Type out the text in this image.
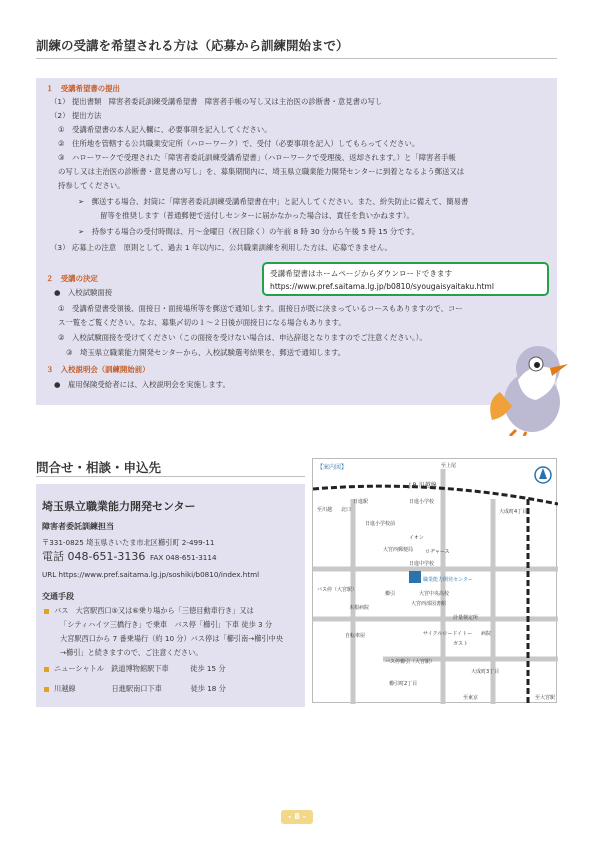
訓練の受講を希望される方は（応募から訓練開始まで）
１　受講希望書の提出
（1） 提出書類　障害者委託訓練受講希望書　障害者手帳の写し又は主治医の診断書・意見書の写し
（2） 提出方法
①　受講希望書の本人記入欄に、必要事項を記入してください。
②　住所地を管轄する公共職業安定所（ハローワーク）で、受付（必要事項を記入）してもらってください。
③　ハローワークで受理された「障害者委託訓練受講希望書」（ハローワークで受理後、返却されます。）と「障害者手帳
の写し又は主治医の診断書・意見書の写し」を、募集期間内に、埼玉県立職業能力開発センターに到着となるよう郵送又は
持参してください。
➢　郵送する場合、封筒に「障害者委託訓練受講希望書在中」と記入してください。また、紛失防止に備えて、簡易書
留等を推奨します（普通郵便で送付しセンターに届かなかった場合は、責任を負いかねます）。
➢　持参する場合の受付時間は、月～金曜日（祝日除く）の午前 8 時 30 分から午後 5 時 15 分です。
（3） 応募上の注意　原則として、過去 1 年以内に、公共職業訓練を利用した方は、応募できません。
２　受講の決定
●　入校試験面接
①　受講希望書受領後、面接日・面接場所等を郵送で通知します。面接日が既に決まっているコースもありますので、コー
ス一覧をご覧ください。なお、募集〆切の１～２日後が面接日になる場合もあります。
②　入校試験面接を受けてください（この面接を受けない場合は、申込辞退となりますのでご注意ください。）。
③　埼玉県立職業能力開発センターから、入校試験選考結果を、郵送で通知します。
３　入校説明会（訓練開始前）
●　雇用保険受給者には、入校説明会を実施します。
受講希望書はホームページからダウンロードできます
https://www.pref.saitama.lg.jp/b0810/syougaisyaitaku.html
問合せ・相談・申込先
埼玉県立職業能力開発センター
障害者委託訓練担当
〒331-0825 埼玉県さいたま市北区櫛引町 2-499-11
電話 048-651-3136 FAX 048-651-3114
URL https://www.pref.saitama.lg.jp/soshiki/b0810/index.html
交通手段
バス　大宮駅西口⑤又は⑥乗り場から「三徳目動車行き」又は
「シティハイツ三橋行き」で乗車　バス停「櫛引」下車 徒歩 3 分
大宮駅西口から 7 番乗場行（約 10 分）バス停は「櫛引南→櫛引中央
→櫛引」と続きますので、ご注意ください。
ニューシャトル　鉄道博物館駅下車　　　徒歩 15 分
川越線　　　　　日進駅南口下車　　　　徒歩 18 分
【案内図】
J R 川越線
日進駅
北口
至川越
日進小学校
日進小学校前
大成町4丁目
イオン
大宮西郵便局 ロヂャース
日進中学校
職業能力開発センター
櫛引	大宮中央高校
大宮西部図書館
バス停（大宮駅）
木根病院
自転車屋	サイクルロードイトー
ガスト
バス停櫛引（大宮駅）
櫛引町2丁目
大成町3丁目
病院
計量検定所
至大宮駅
至東京
至上尾
- 8 -
